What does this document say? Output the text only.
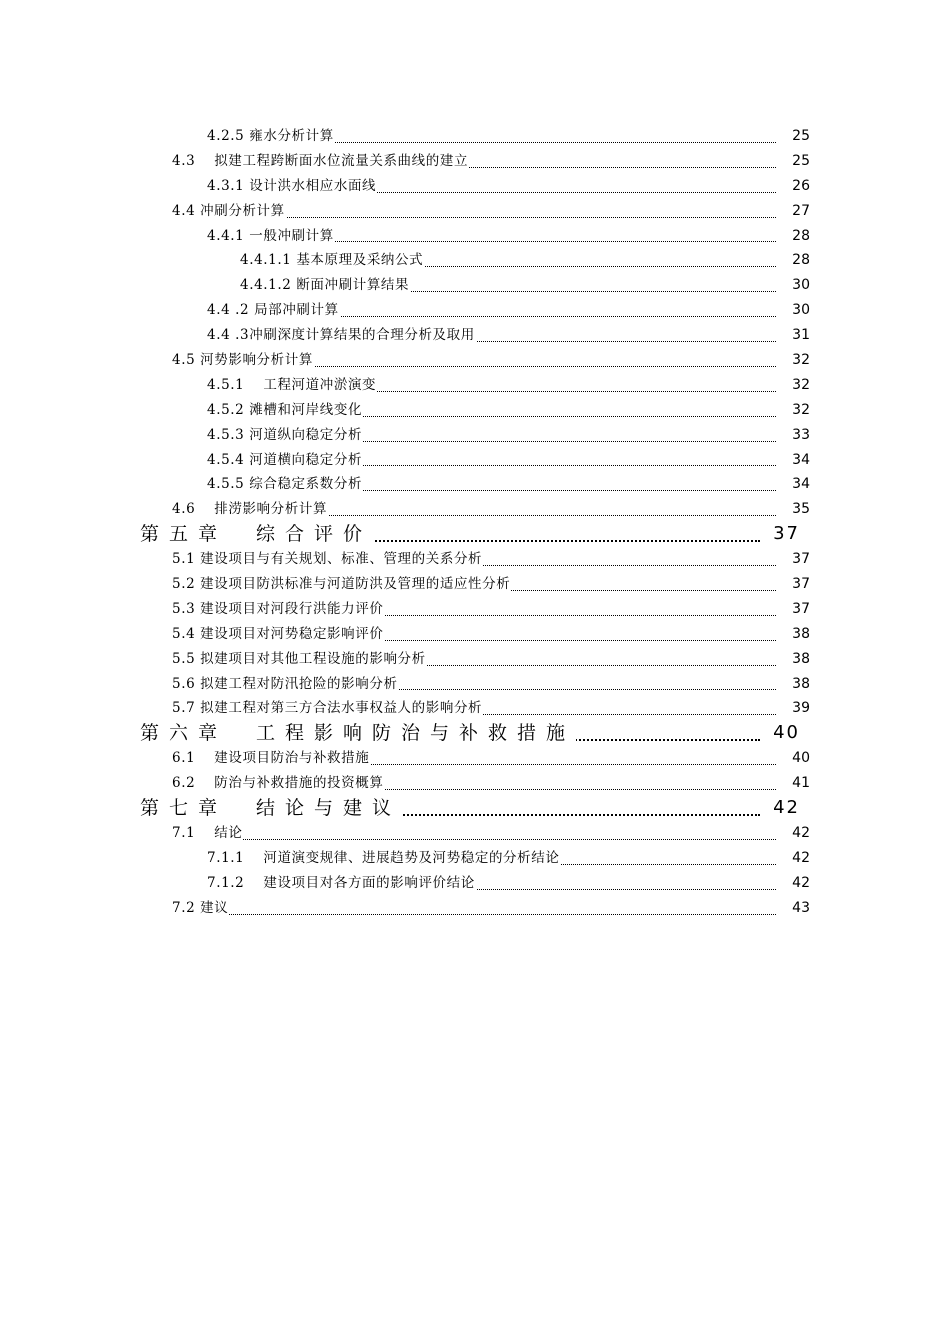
4.2.5 雍水分析计算	25
4.3　 拟建工程跨断面水位流量关系曲线的建立	25
4.3.1 设计洪水相应水面线	26
4.4 冲刷分析计算	27
4.4.1 一般冲刷计算	28
4.4.1.1 基本原理及采纳公式	28
4.4.1.2 断面冲刷计算结果	30
4.4 .2 局部冲刷计算	30
4.4 .3冲刷深度计算结果的合理分析及取用	31
4.5 河势影响分析计算	32
4.5.1　 工程河道冲淤演变	32
4.5.2 滩槽和河岸线变化	32
4.5.3 河道纵向稳定分析	33
4.5.4 河道横向稳定分析	34
4.5.5 综合稳定系数分析	34
4.6　 排涝影响分析计算	35
第五章　综合评价	37
5.1 建设项目与有关规划、标准、管理的关系分析	37
5.2 建设项目防洪标准与河道防洪及管理的适应性分析	37
5.3 建设项目对河段行洪能力评价	37
5.4 建设项目对河势稳定影响评价	38
5.5 拟建项目对其他工程设施的影响分析	38
5.6 拟建工程对防汛抢险的影响分析	38
5.7 拟建工程对第三方合法水事权益人的影响分析	39
第六章　工程影响防治与补救措施	40
6.1　 建设项目防治与补救措施	40
6.2　 防治与补救措施的投资概算	41
第七章　结论与建议	42
7.1　 结论	42
7.1.1　 河道演变规律、进展趋势及河势稳定的分析结论	42
7.1.2　 建设项目对各方面的影响评价结论	42
7.2 建议	43
